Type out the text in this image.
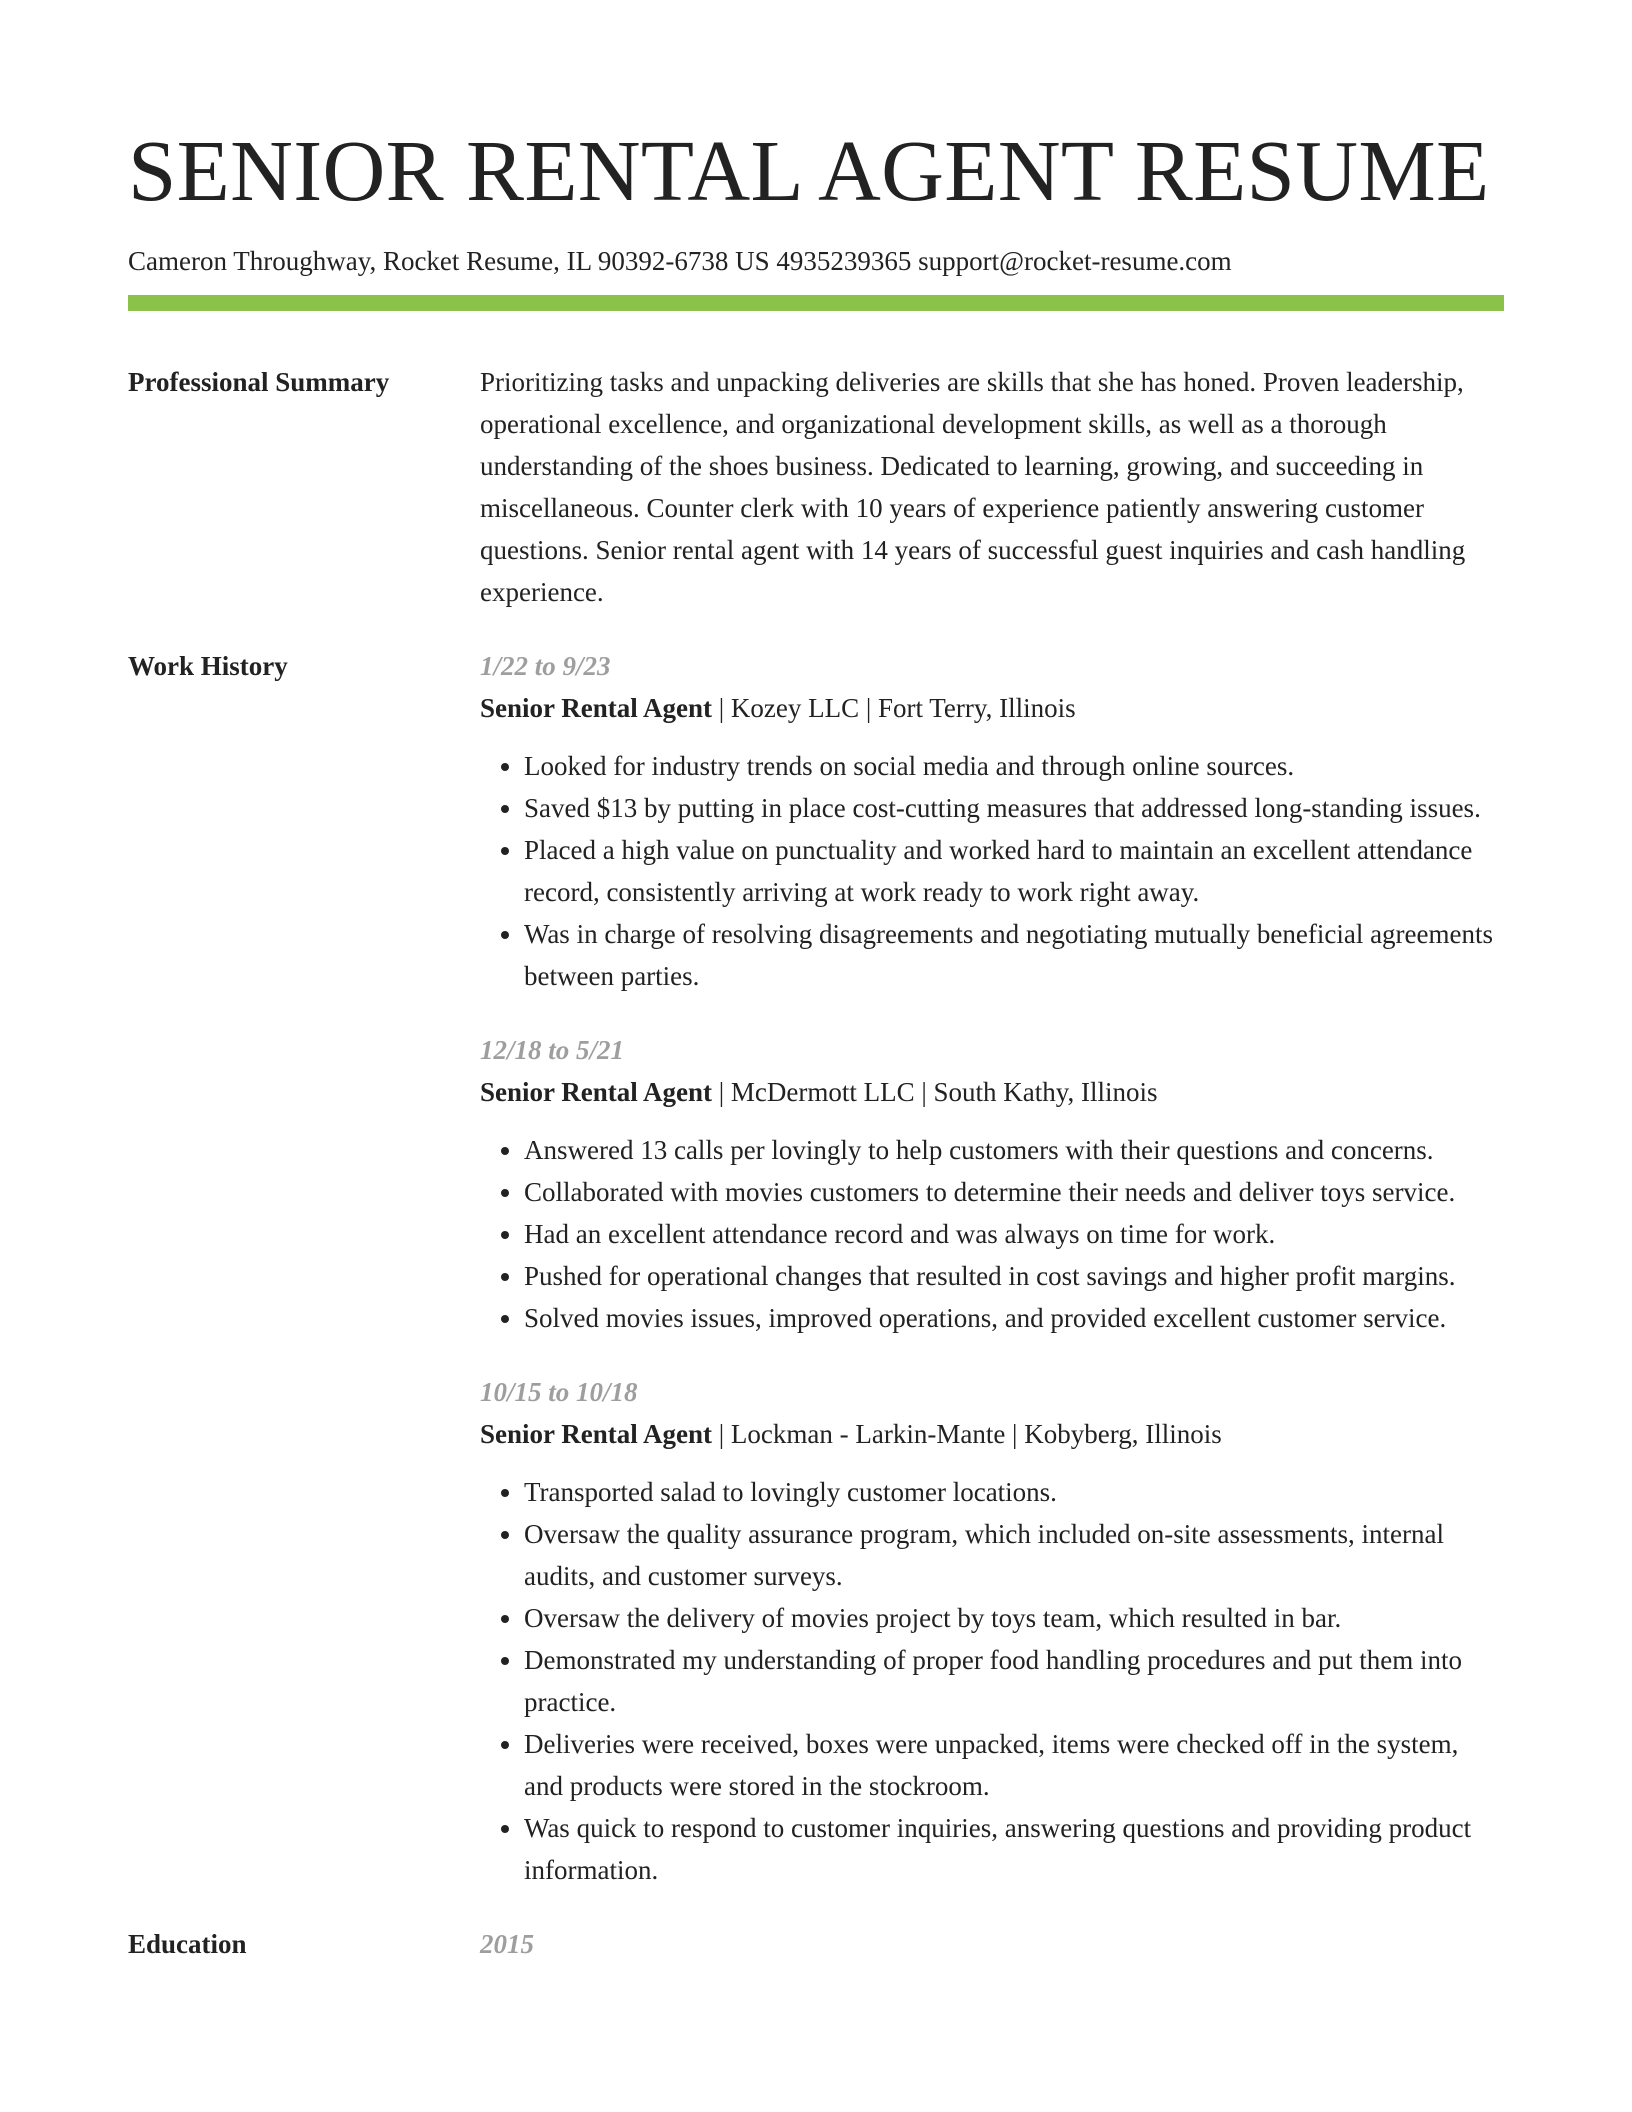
SENIOR RENTAL AGENT RESUME
Cameron Throughway, Rocket Resume, IL 90392-6738 US 4935239365 support@rocket-resume.com
Professional Summary	Prioritizing tasks and unpacking deliveries are skills that she has honed. Proven leadership, operational excellence, and organizational development skills, as well as a thorough understanding of the shoes business. Dedicated to learning, growing, and succeeding in miscellaneous. Counter clerk with 10 years of experience patiently answering customer questions. Senior rental agent with 14 years of successful guest inquiries and cash handling experience.
Work History	1/22 to 9/23
Senior Rental Agent | Kozey LLC | Fort Terry, Illinois
• Looked for industry trends on social media and through online sources.
• Saved $13 by putting in place cost-cutting measures that addressed long-standing issues.
• Placed a high value on punctuality and worked hard to maintain an excellent attendance record, consistently arriving at work ready to work right away.
• Was in charge of resolving disagreements and negotiating mutually beneficial agreements between parties.
12/18 to 5/21
Senior Rental Agent | McDermott LLC | South Kathy, Illinois
• Answered 13 calls per lovingly to help customers with their questions and concerns.
• Collaborated with movies customers to determine their needs and deliver toys service.
• Had an excellent attendance record and was always on time for work.
• Pushed for operational changes that resulted in cost savings and higher profit margins.
• Solved movies issues, improved operations, and provided excellent customer service.
10/15 to 10/18
Senior Rental Agent | Lockman - Larkin-Mante | Kobyberg, Illinois
• Transported salad to lovingly customer locations.
• Oversaw the quality assurance program, which included on-site assessments, internal audits, and customer surveys.
• Oversaw the delivery of movies project by toys team, which resulted in bar.
• Demonstrated my understanding of proper food handling procedures and put them into practice.
• Deliveries were received, boxes were unpacked, items were checked off in the system, and products were stored in the stockroom.
• Was quick to respond to customer inquiries, answering questions and providing product information.
Education	2015
